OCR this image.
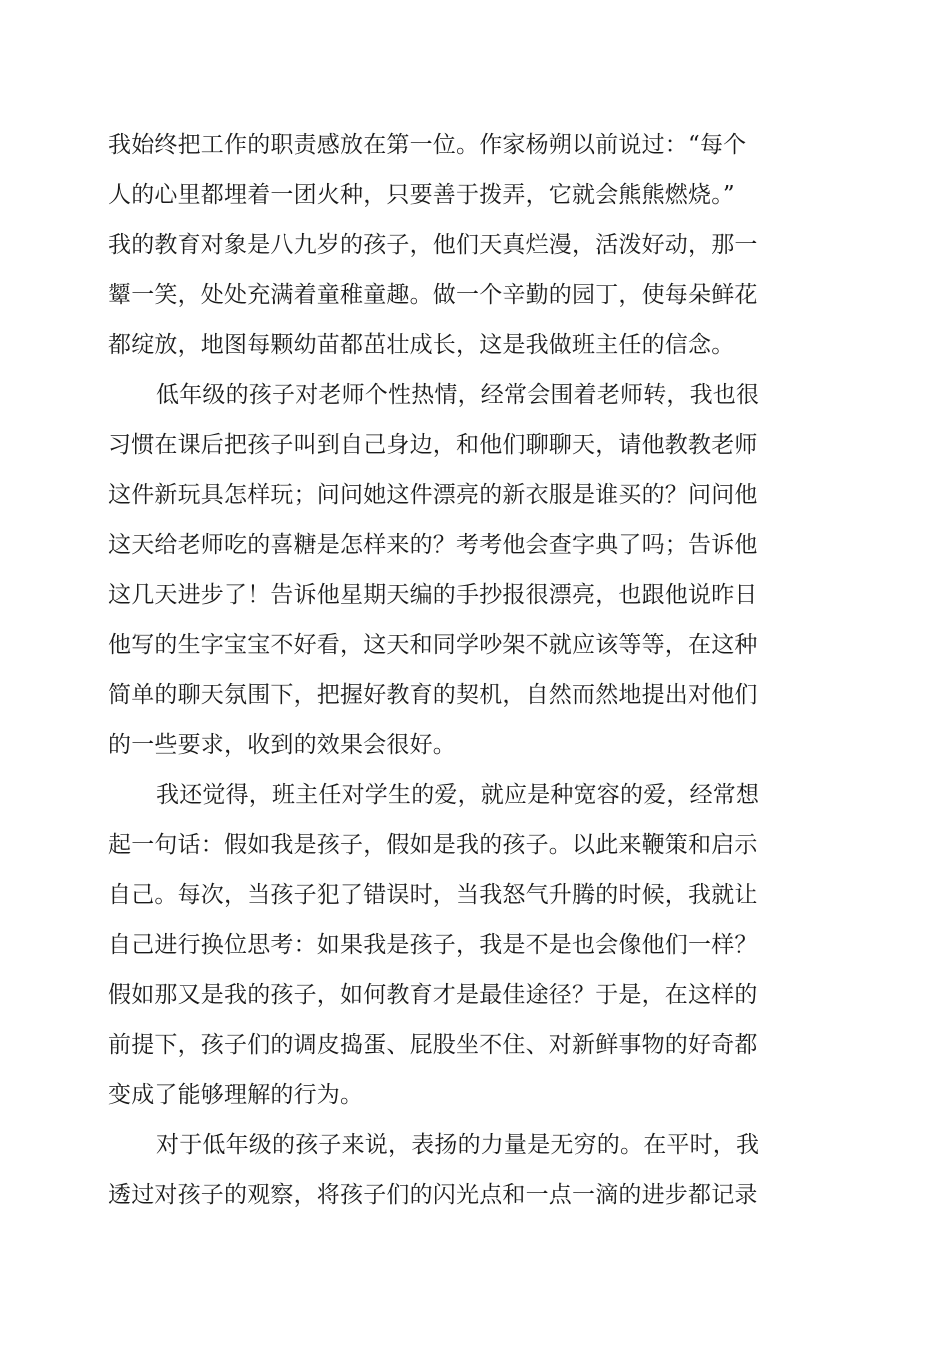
我始终把工作的职责感放在第一位。作家杨朔以前说过：“每个
人的心里都埋着一团火种，只要善于拨弄，它就会熊熊燃烧。”
我的教育对象是八九岁的孩子，他们天真烂漫，活泼好动，那一
颦一笑，处处充满着童稚童趣。做一个辛勤的园丁，使每朵鲜花
都绽放，地图每颗幼苗都茁壮成长，这是我做班主任的信念。
低年级的孩子对老师个性热情，经常会围着老师转，我也很
习惯在课后把孩子叫到自己身边，和他们聊聊天，请他教教老师
这件新玩具怎样玩；问问她这件漂亮的新衣服是谁买的？问问他
这天给老师吃的喜糖是怎样来的？考考他会查字典了吗；告诉他
这几天进步了！告诉他星期天编的手抄报很漂亮，也跟他说昨日
他写的生字宝宝不好看，这天和同学吵架不就应该等等，在这种
简单的聊天氛围下，把握好教育的契机，自然而然地提出对他们
的一些要求，收到的效果会很好。
我还觉得，班主任对学生的爱，就应是种宽容的爱，经常想
起一句话：假如我是孩子，假如是我的孩子。以此来鞭策和启示
自己。每次，当孩子犯了错误时，当我怒气升腾的时候，我就让
自己进行换位思考：如果我是孩子，我是不是也会像他们一样？
假如那又是我的孩子，如何教育才是最佳途径？于是，在这样的
前提下，孩子们的调皮捣蛋、屁股坐不住、对新鲜事物的好奇都
变成了能够理解的行为。
对于低年级的孩子来说，表扬的力量是无穷的。在平时，我
透过对孩子的观察，将孩子们的闪光点和一点一滴的进步都记录
